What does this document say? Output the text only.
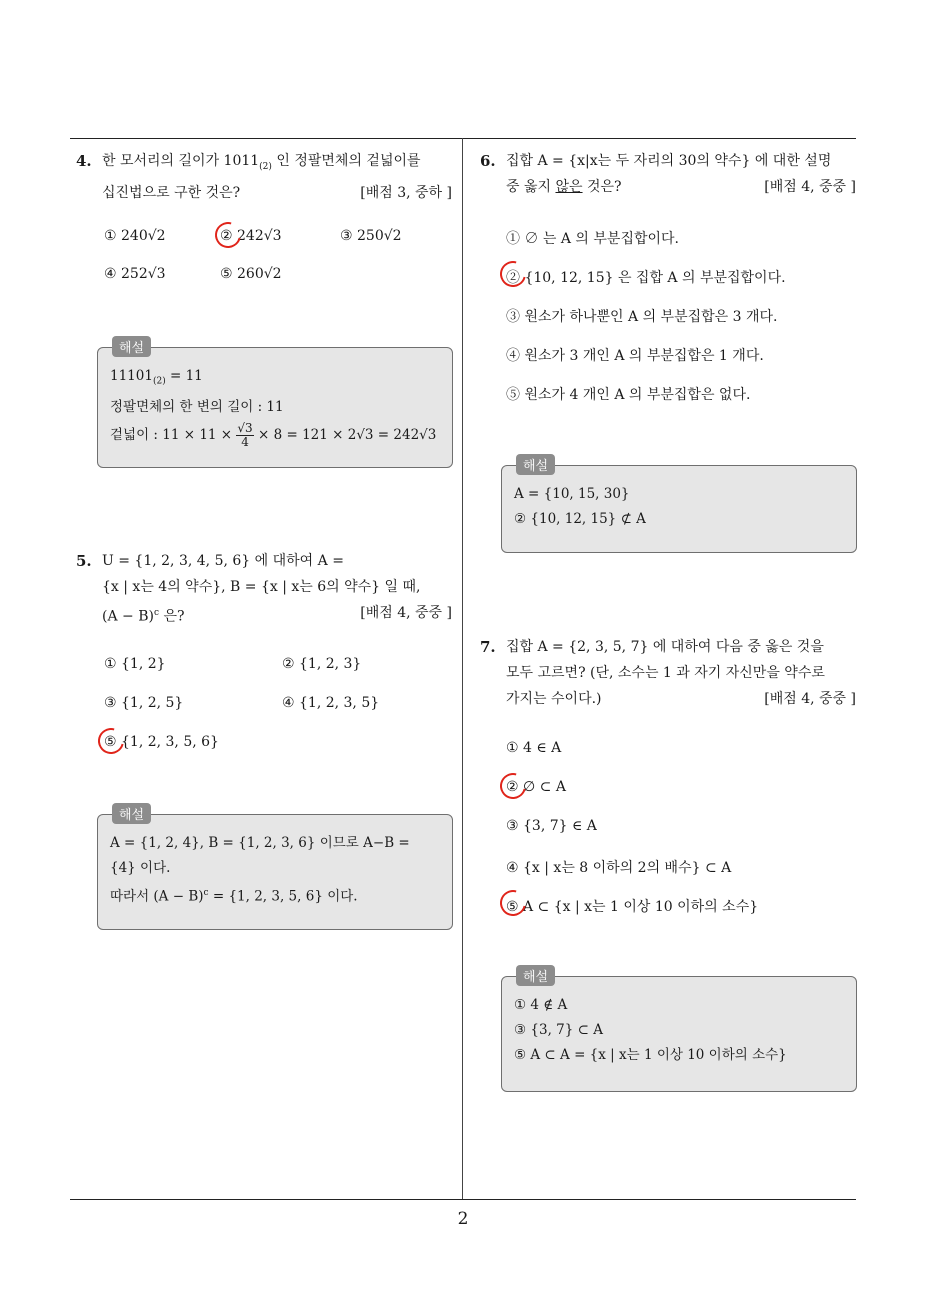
4. 한 모서리의 길이가 $1011_{(2)}$ 인 정팔면체의 겉넓이를
십진법으로 구한 것은?	[배점 3, 중하 ]
① 240√2	② 242√3	③ 250√2
④ 252√3	⑤ 260√2
해설
$11101_{(2)} = 11$
정팔면체의 한 변의 길이 : 11
겉넓이 : $11 \times 11 \times \frac{√3}{4} \times 8 = 121 \times 2√3 = 242√3$
5. U = {1, 2, 3, 4, 5, 6} 에 대하여 A =
{x | x는 4의 약수}, B = {x | x는 6의 약수} 일 때,
$(A - B)^c$ 은?	[배점 4, 중중 ]
① {1, 2}	② {1, 2, 3}
③ {1, 2, 5}	④ {1, 2, 3, 5}
⑤ {1, 2, 3, 5, 6}
해설
A = {1, 2, 4}, B = {1, 2, 3, 6} 이므로 A−B =
{4} 이다.
따라서 $(A - B)^c = \{1$, 2, 3, 5, 6} 이다.
6. 집합 A = {x|x는 두 자리의 30의 약수} 에 대한 설명
중 옳지 않은 것은?	[배점 4, 중중 ]
① ∅ 는 A 의 부분집합이다.
② {10, 12, 15} 은 집합 A 의 부분집합이다.
③ 원소가 하나뿐인 A 의 부분집합은 3 개다.
④ 원소가 3 개인 A 의 부분집합은 1 개다.
⑤ 원소가 4 개인 A 의 부분집합은 없다.
해설
A = {10, 15, 30}
② {10, 12, 15} ⊄ A
7. 집합 A = {2, 3, 5, 7} 에 대하여 다음 중 옳은 것을
모두 고르면? (단, 소수는 1 과 자기 자신만을 약수로
가지는 수이다.)	[배점 4, 중중 ]
① 4 ∈ A
② ∅ ⊂ A
③ {3, 7} ∈ A
④ {x | x는 8 이하의 2의 배수} ⊂ A
⑤ A ⊂ {x | x는 1 이상 10 이하의 소수}
해설
① 4 ∉ A
③ {3, 7} ⊂ A
⑤ A ⊂ A = {x | x는 1 이상 10 이하의 소수}
2
